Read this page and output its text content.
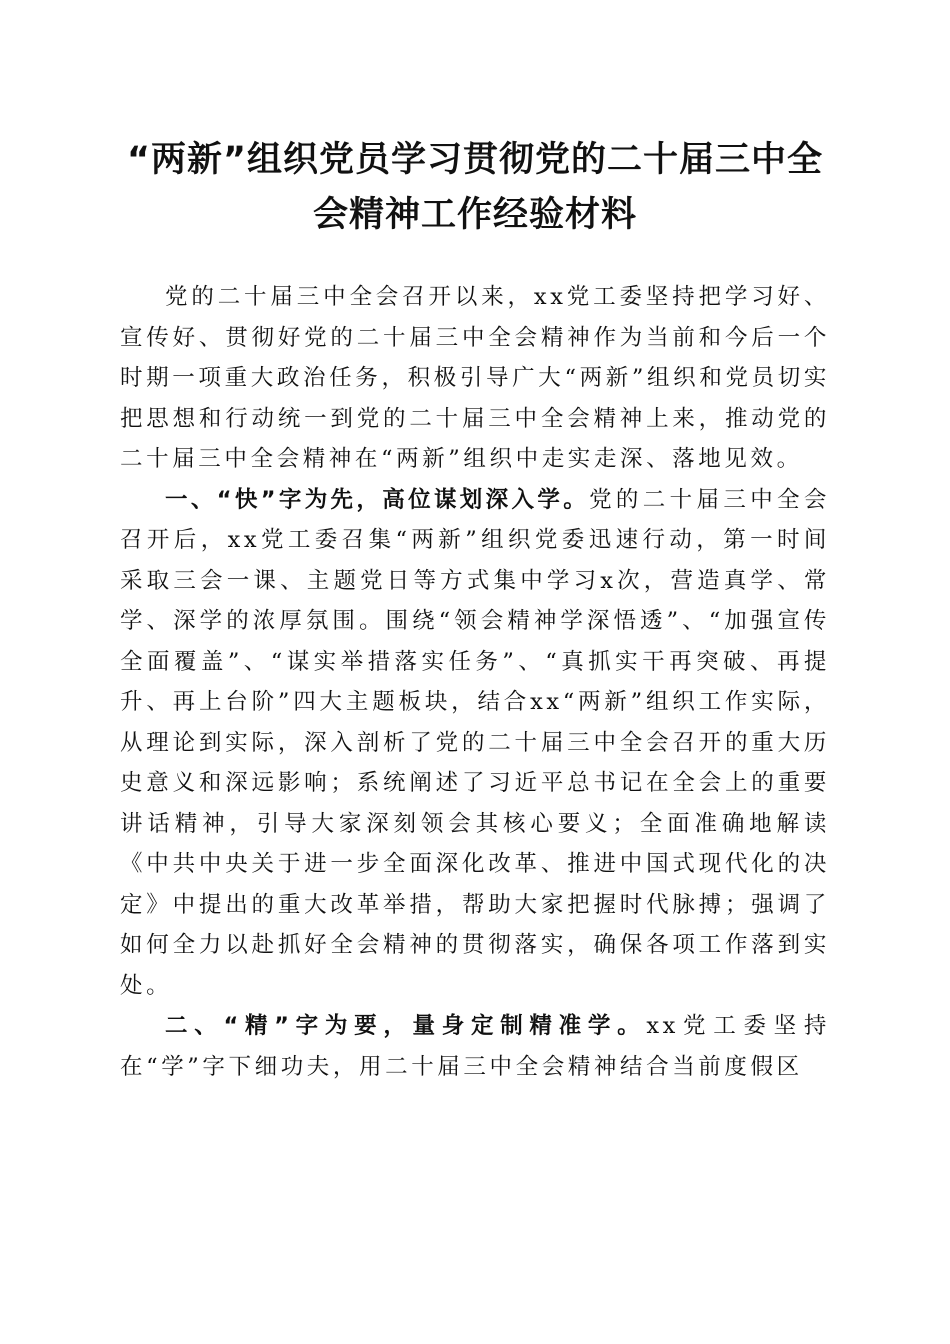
“两新”组织党员学习贯彻党的二十届三中全
会精神工作经验材料

党的二十届三中全会召开以来，xx党工委坚持把学习好、宣传好、贯彻好党的二十届三中全会精神作为当前和今后一个时期一项重大政治任务，积极引导广大“两新”组织和党员切实把思想和行动统一到党的二十届三中全会精神上来，推动党的二十届三中全会精神在“两新”组织中走实走深、落地见效。

一、“快”字为先，高位谋划深入学。党的二十届三中全会召开后，xx党工委召集“两新”组织党委迅速行动，第一时间采取三会一课、主题党日等方式集中学习x次，营造真学、常学、深学的浓厚氛围。围绕“领会精神学深悟透”、“加强宣传全面覆盖”、“谋实举措落实任务”、“真抓实干再突破、再提升、再上台阶”四大主题板块，结合xx“两新”组织工作实际，从理论到实际，深入剖析了党的二十届三中全会召开的重大历史意义和深远影响；系统阐述了习近平总书记在全会上的重要讲话精神，引导大家深刻领会其核心要义；全面准确地解读《中共中央关于进一步全面深化改革、推进中国式现代化的决定》中提出的重大改革举措，帮助大家把握时代脉搏；强调了如何全力以赴抓好全会精神的贯彻落实，确保各项工作落到实处。

二、“精”字为要，量身定制精准学。xx党工委坚持在“学”字下细功夫，用二十届三中全会精神结合当前度假区
